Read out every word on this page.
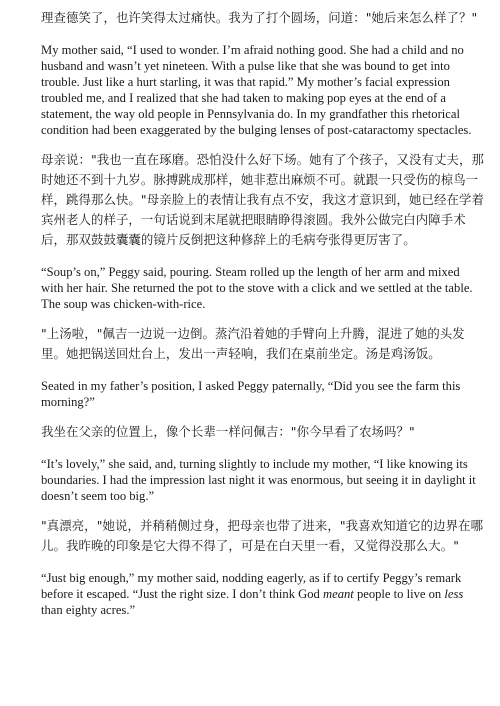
理查德笑了，也许笑得太过痛快。我为了打个圆场，问道："她后来怎么样了？"

My mother said, “I used to wonder. I’m afraid nothing good. She had a child and no husband and wasn’t yet nineteen. With a pulse like that she was bound to get into trouble. Just like a hurt starling, it was that rapid.” My mother’s facial expression troubled me, and I realized that she had taken to making pop eyes at the end of a statement, the way old people in Pennsylvania do. In my grandfather this rhetorical condition had been exaggerated by the bulging lenses of post-cataractomy spectacles.

母亲说："我也一直在琢磨。恐怕没什么好下场。她有了个孩子，又没有丈夫，那时她还不到十九岁。脉搏跳成那样，她非惹出麻烦不可。就跟一只受伤的椋鸟一样，跳得那么快。"母亲脸上的表情让我有点不安，我这才意识到，她已经在学着宾州老人的样子，一句话说到末尾就把眼睛睁得滚圆。我外公做完白内障手术后，那双鼓鼓囊囊的镜片反倒把这种修辞上的毛病夸张得更厉害了。

“Soup’s on,” Peggy said, pouring. Steam rolled up the length of her arm and mixed with her hair. She returned the pot to the stove with a click and we settled at the table. The soup was chicken-with-rice.

"上汤啦，"佩吉一边说一边倒。蒸汽沿着她的手臂向上升腾，混进了她的头发里。她把锅送回灶台上，发出一声轻响，我们在桌前坐定。汤是鸡汤饭。

Seated in my father’s position, I asked Peggy paternally, “Did you see the farm this morning?”

我坐在父亲的位置上，像个长辈一样问佩吉："你今早看了农场吗？"

“It’s lovely,” she said, and, turning slightly to include my mother, “I like knowing its boundaries. I had the impression last night it was enormous, but seeing it in daylight it doesn’t seem too big.”

"真漂亮，"她说，并稍稍侧过身，把母亲也带了进来，"我喜欢知道它的边界在哪儿。我昨晚的印象是它大得不得了，可是在白天里一看，又觉得没那么大。"

“Just big enough,” my mother said, nodding eagerly, as if to certify Peggy’s remark before it escaped. “Just the right size. I don’t think God meant people to live on less than eighty acres.”
